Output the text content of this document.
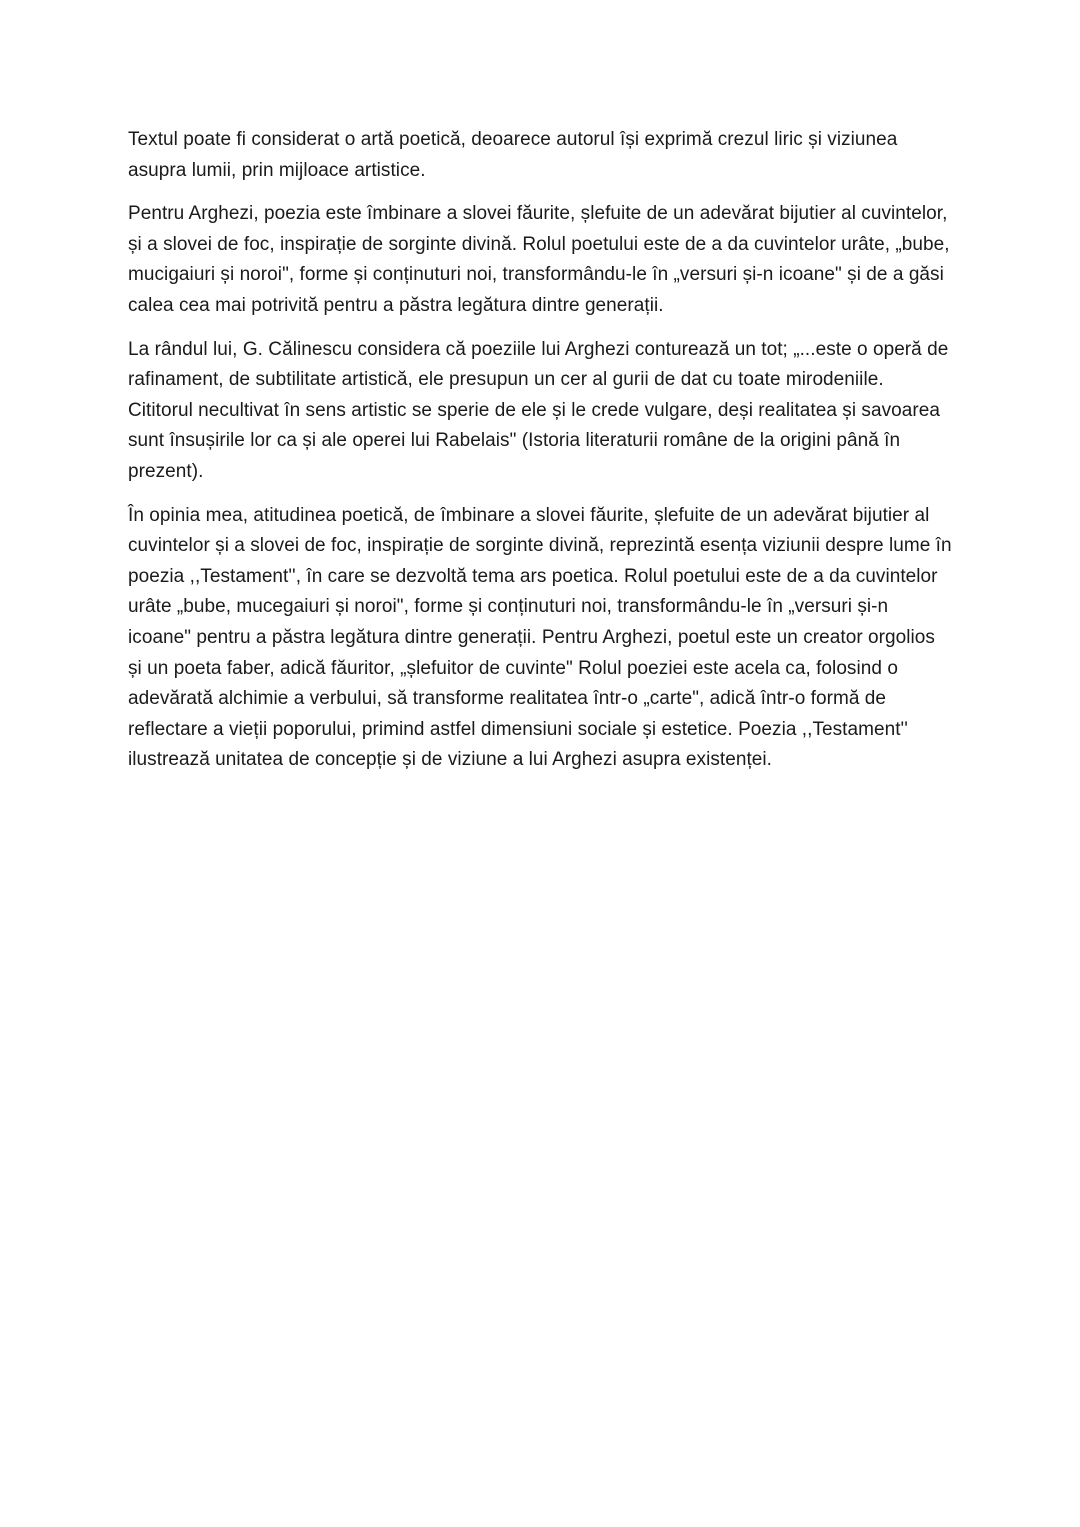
Textul poate fi considerat o artă poetică, deoarece autorul își exprimă crezul liric și viziunea asupra lumii, prin mijloace artistice.

Pentru Arghezi, poezia este îmbinare a slovei făurite, șlefuite de un adevărat bijutier al cuvintelor, și a slovei de foc, inspirație de sorginte divină. Rolul poetului este de a da cuvintelor urâte, „bube, mucigaiuri și noroi", forme și conținuturi noi, transformându-le în „versuri și-n icoane" și de a găsi calea cea mai potrivită pentru a păstra legătura dintre generații.

La rândul lui, G. Călinescu considera că poeziile lui Arghezi conturează un tot; „...este o operă de rafinament, de subtilitate artistică, ele presupun un cer al gurii de dat cu toate mirodeniile. Cititorul necultivat în sens artistic se sperie de ele și le crede vulgare, deși realitatea și savoarea sunt însușirile lor ca și ale operei lui Rabelais" (Istoria literaturii române de la origini până în prezent).

În opinia mea, atitudinea poetică, de îmbinare a slovei făurite, șlefuite de un adevărat bijutier al cuvintelor și a slovei de foc, inspirație de sorginte divină, reprezintă esența viziunii despre lume în poezia ,,Testament'', în care se dezvoltă tema ars poetica. Rolul poetului este de a da cuvintelor urâte „bube, mucegaiuri și noroi", forme și conținuturi noi, transformându-le în „versuri și-n icoane" pentru a păstra legătura dintre generații. Pentru Arghezi, poetul este un creator orgolios și un poeta faber, adică făuritor, „șlefuitor de cuvinte" Rolul poeziei este acela ca, folosind o adevărată alchimie a verbului, să transforme realitatea într-o „carte", adică într-o formă de reflectare a vieții poporului, primind astfel dimensiuni sociale și estetice. Poezia ,,Testament'' ilustrează unitatea de concepție și de viziune a lui Arghezi asupra existenței.
